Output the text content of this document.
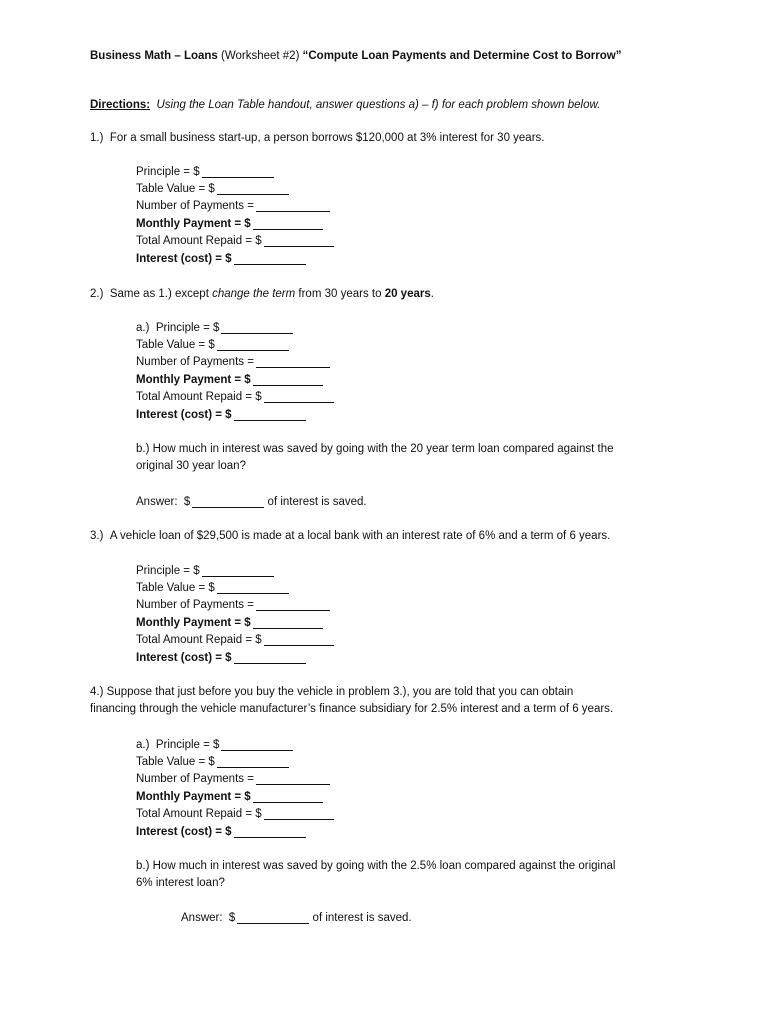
Business Math – Loans (Worksheet #2) “Compute Loan Payments and Determine Cost to Borrow”
Directions: Using the Loan Table handout, answer questions a) – f) for each problem shown below.
1.) For a small business start-up, a person borrows $120,000 at 3% interest for 30 years.
Principle = $
Table Value = $
Number of Payments =
Monthly Payment = $
Total Amount Repaid = $
Interest (cost) = $
2.) Same as 1.) except change the term from 30 years to 20 years.
a.) Principle = $
Table Value = $
Number of Payments =
Monthly Payment = $
Total Amount Repaid = $
Interest (cost) = $
b.) How much in interest was saved by going with the 20 year term loan compared against the
original 30 year loan?
Answer:  $	of interest is saved.
3.) A vehicle loan of $29,500 is made at a local bank with an interest rate of 6% and a term of 6 years.
Principle = $
Table Value = $
Number of Payments =
Monthly Payment = $
Total Amount Repaid = $
Interest (cost) = $
4.) Suppose that just before you buy the vehicle in problem 3.), you are told that you can obtain
financing through the vehicle manufacturer’s finance subsidiary for 2.5% interest and a term of 6 years.
a.) Principle = $
Table Value = $
Number of Payments =
Monthly Payment = $
Total Amount Repaid = $
Interest (cost) = $
b.) How much in interest was saved by going with the 2.5% loan compared against the original
6% interest loan?
Answer:  $	of interest is saved.
